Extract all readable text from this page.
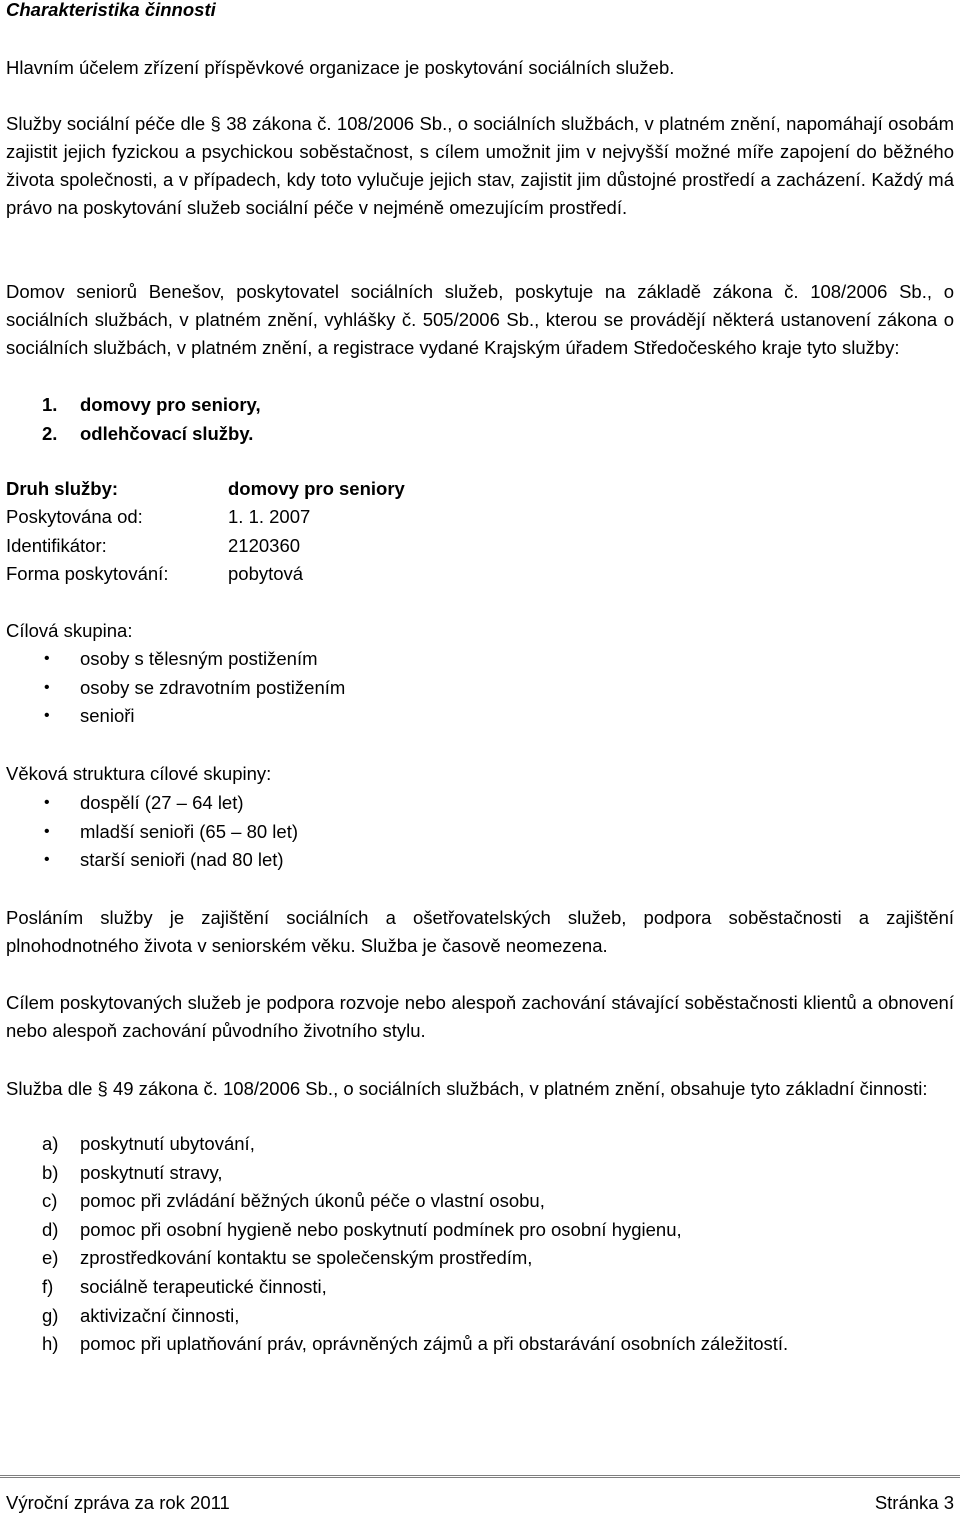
Charakteristika činnosti

Hlavním účelem zřízení příspěvkové organizace je poskytování sociálních služeb.

Služby sociální péče dle § 38 zákona č. 108/2006 Sb., o sociálních službách, v platném znění, napomáhají osobám zajistit jejich fyzickou a psychickou soběstačnost, s cílem umožnit jim v nejvyšší možné míře zapojení do běžného života společnosti, a v případech, kdy toto vylučuje jejich stav, zajistit jim důstojné prostředí a zacházení. Každý má právo na poskytování služeb sociální péče v nejméně omezujícím prostředí.

Domov seniorů Benešov, poskytovatel sociálních služeb, poskytuje na základě zákona č. 108/2006 Sb., o sociálních službách, v platném znění, vyhlášky č. 505/2006 Sb., kterou se provádějí některá ustanovení zákona o sociálních službách, v platném znění, a registrace vydané Krajským úřadem Středočeského kraje tyto služby:

1. domovy pro seniory,
2. odlehčovací služby.
Druh služby:	domovy pro seniory
Poskytována od:	1. 1. 2007
Identifikátor:	2120360
Forma poskytování:	pobytová
Cílová skupina:
• osoby s tělesným postižením
• osoby se zdravotním postižením
• senioři
Věková struktura cílové skupiny:
• dospělí (27 – 64 let)
• mladší senioři (65 – 80 let)
• starší senioři (nad 80 let)

Posláním služby je zajištění sociálních a ošetřovatelských služeb, podpora soběstačnosti a zajištění plnohodnotného života v seniorském věku. Služba je časově neomezena.

Cílem poskytovaných služeb je podpora rozvoje nebo alespoň zachování stávající soběstačnosti klientů a obnovení nebo alespoň zachování původního životního stylu.

Služba dle § 49 zákona č. 108/2006 Sb., o sociálních službách, v platném znění, obsahuje tyto základní činnosti:

a) poskytnutí ubytování,
b) poskytnutí stravy,
c) pomoc při zvládání běžných úkonů péče o vlastní osobu,
d) pomoc při osobní hygieně nebo poskytnutí podmínek pro osobní hygienu,
e) zprostředkování kontaktu se společenským prostředím,
f) sociálně terapeutické činnosti,
g) aktivizační činnosti,
h) pomoc při uplatňování práv, oprávněných zájmů a při obstarávání osobních záležitostí.
Výroční zpráva za rok 2011	Stránka 3
